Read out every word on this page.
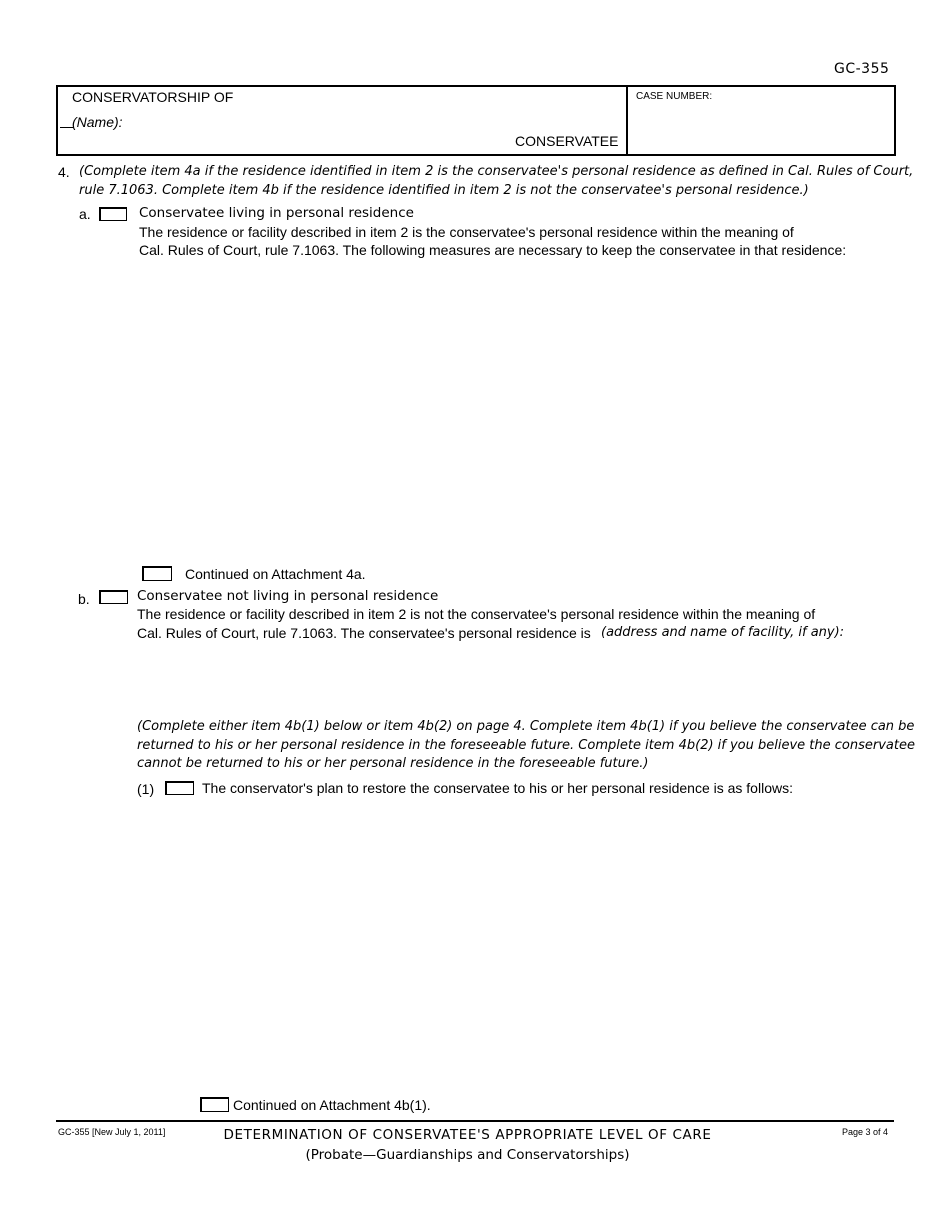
GC-355
CONSERVATORSHIP OF
(Name):
CONSERVATEE
CASE NUMBER:
4. (Complete item 4a if the residence identified in item 2 is the conservatee's personal residence as defined in Cal. Rules of Court,
rule 7.1063. Complete item 4b if the residence identified in item 2 is not the conservatee's personal residence.)
a.	Conservatee living in personal residence
The residence or facility described in item 2 is the conservatee's personal residence within the meaning of
Cal. Rules of Court, rule 7.1063. The following measures are necessary to keep the conservatee in that residence:
Continued on Attachment 4a.
b.	Conservatee not living in personal residence
The residence or facility described in item 2 is not the conservatee's personal residence within the meaning of
Cal. Rules of Court, rule 7.1063. The conservatee's personal residence is (address and name of facility, if any):
(Complete either item 4b(1) below or item 4b(2) on page 4. Complete item 4b(1) if you believe the conservatee can be
returned to his or her personal residence in the foreseeable future. Complete item 4b(2) if you believe the conservatee
cannot be returned to his or her personal residence in the foreseeable future.)
(1)	The conservator's plan to restore the conservatee to his or her personal residence is as follows:
Continued on Attachment 4b(1).
GC-355 [New July 1, 2011]	DETERMINATION OF CONSERVATEE'S APPROPRIATE LEVEL OF CARE
(Probate—Guardianships and Conservatorships)
Page 3 of 4
